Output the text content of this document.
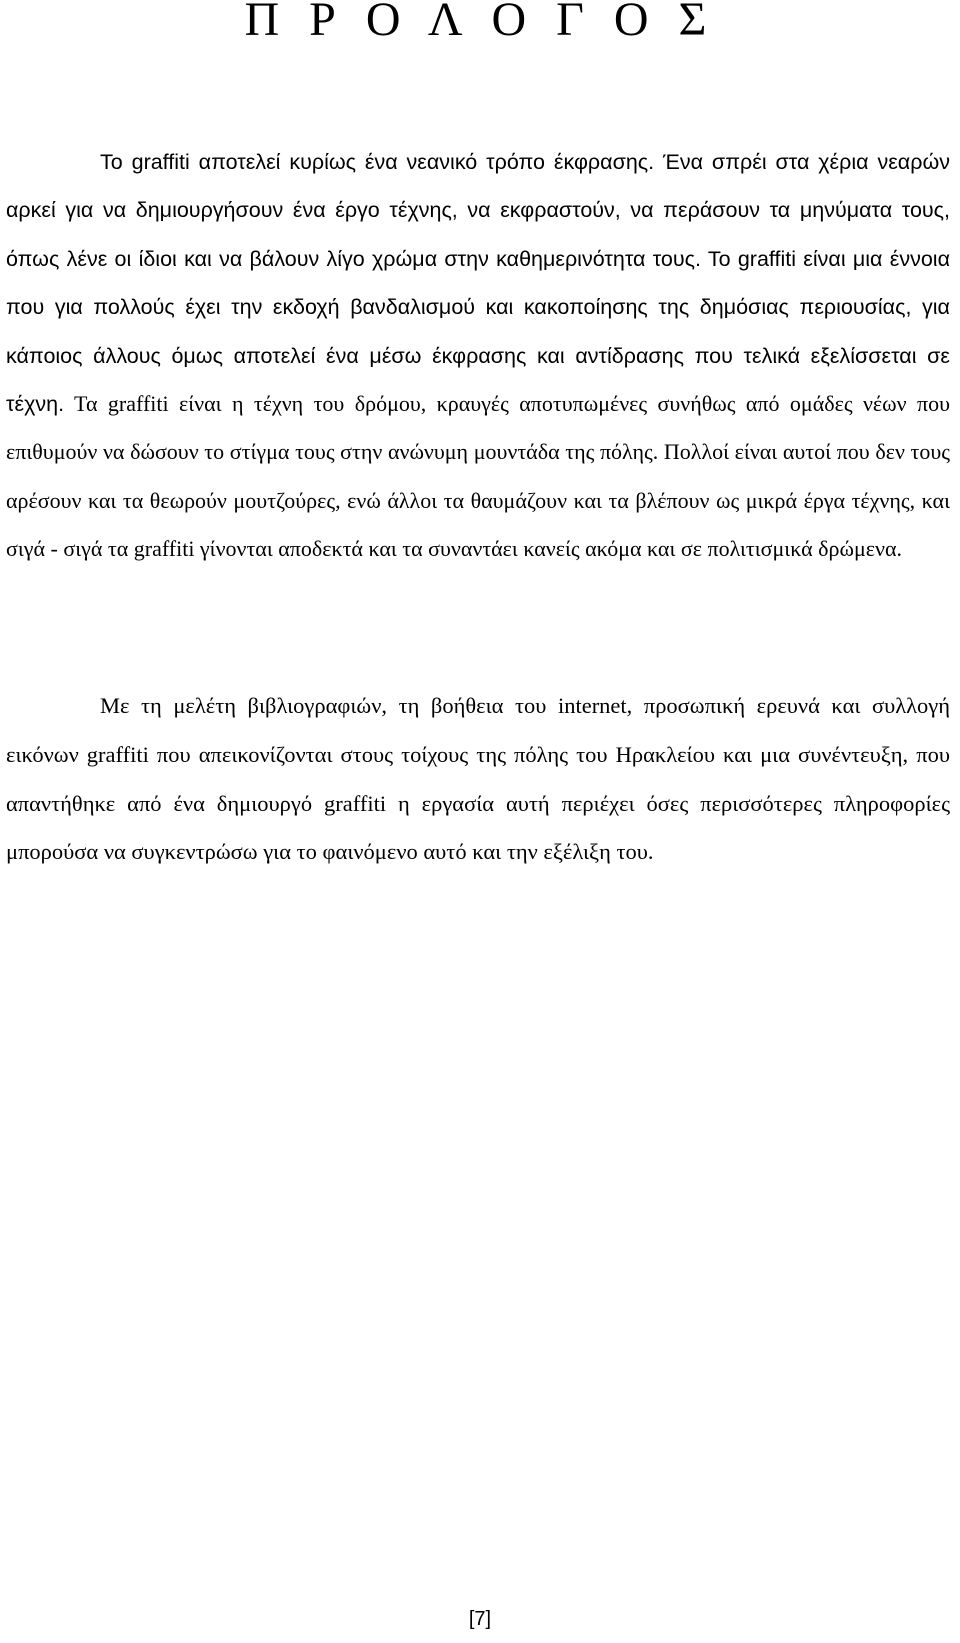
Π Ρ Ο Λ Ο Γ Ο Σ

Το graffiti αποτελεί κυρίως ένα νεανικό τρόπο έκφρασης. Ένα σπρέι στα χέρια νεαρών αρκεί για να δημιουργήσουν ένα έργο τέχνης, να εκφραστούν, να περάσουν τα μηνύματα τους, όπως λένε οι ίδιοι και να βάλουν λίγο χρώμα στην καθημερινότητα τους. Το graffiti είναι μια έννοια που για πολλούς έχει την εκδοχή βανδαλισμού και κακοποίησης της δημόσιας περιουσίας, για κάποιος άλλους όμως αποτελεί ένα μέσω έκφρασης και αντίδρασης που τελικά εξελίσσεται σε τέχνη. Τα graffiti είναι η τέχνη του δρόμου, κραυγές αποτυπωμένες συνήθως από ομάδες νέων που επιθυμούν να δώσουν το στίγμα τους στην ανώνυμη μουντάδα της πόλης. Πολλοί είναι αυτοί που δεν τους αρέσουν και τα θεωρούν μουτζούρες, ενώ άλλοι τα θαυμάζουν και τα βλέπουν ως μικρά έργα τέχνης, και σιγά - σιγά τα graffiti γίνονται αποδεκτά και τα συναντάει κανείς ακόμα και σε πολιτισμικά δρώμενα.

Με τη μελέτη βιβλιογραφιών, τη βοήθεια του internet, προσωπική ερευνά και συλλογή εικόνων graffiti που απεικονίζονται στους τοίχους της πόλης του Ηρακλείου και μια συνέντευξη, που απαντήθηκε από ένα δημιουργό graffiti η εργασία αυτή περιέχει όσες περισσότερες πληροφορίες μπορούσα να συγκεντρώσω για το φαινόμενο αυτό και την εξέλιξη του.

[7]
